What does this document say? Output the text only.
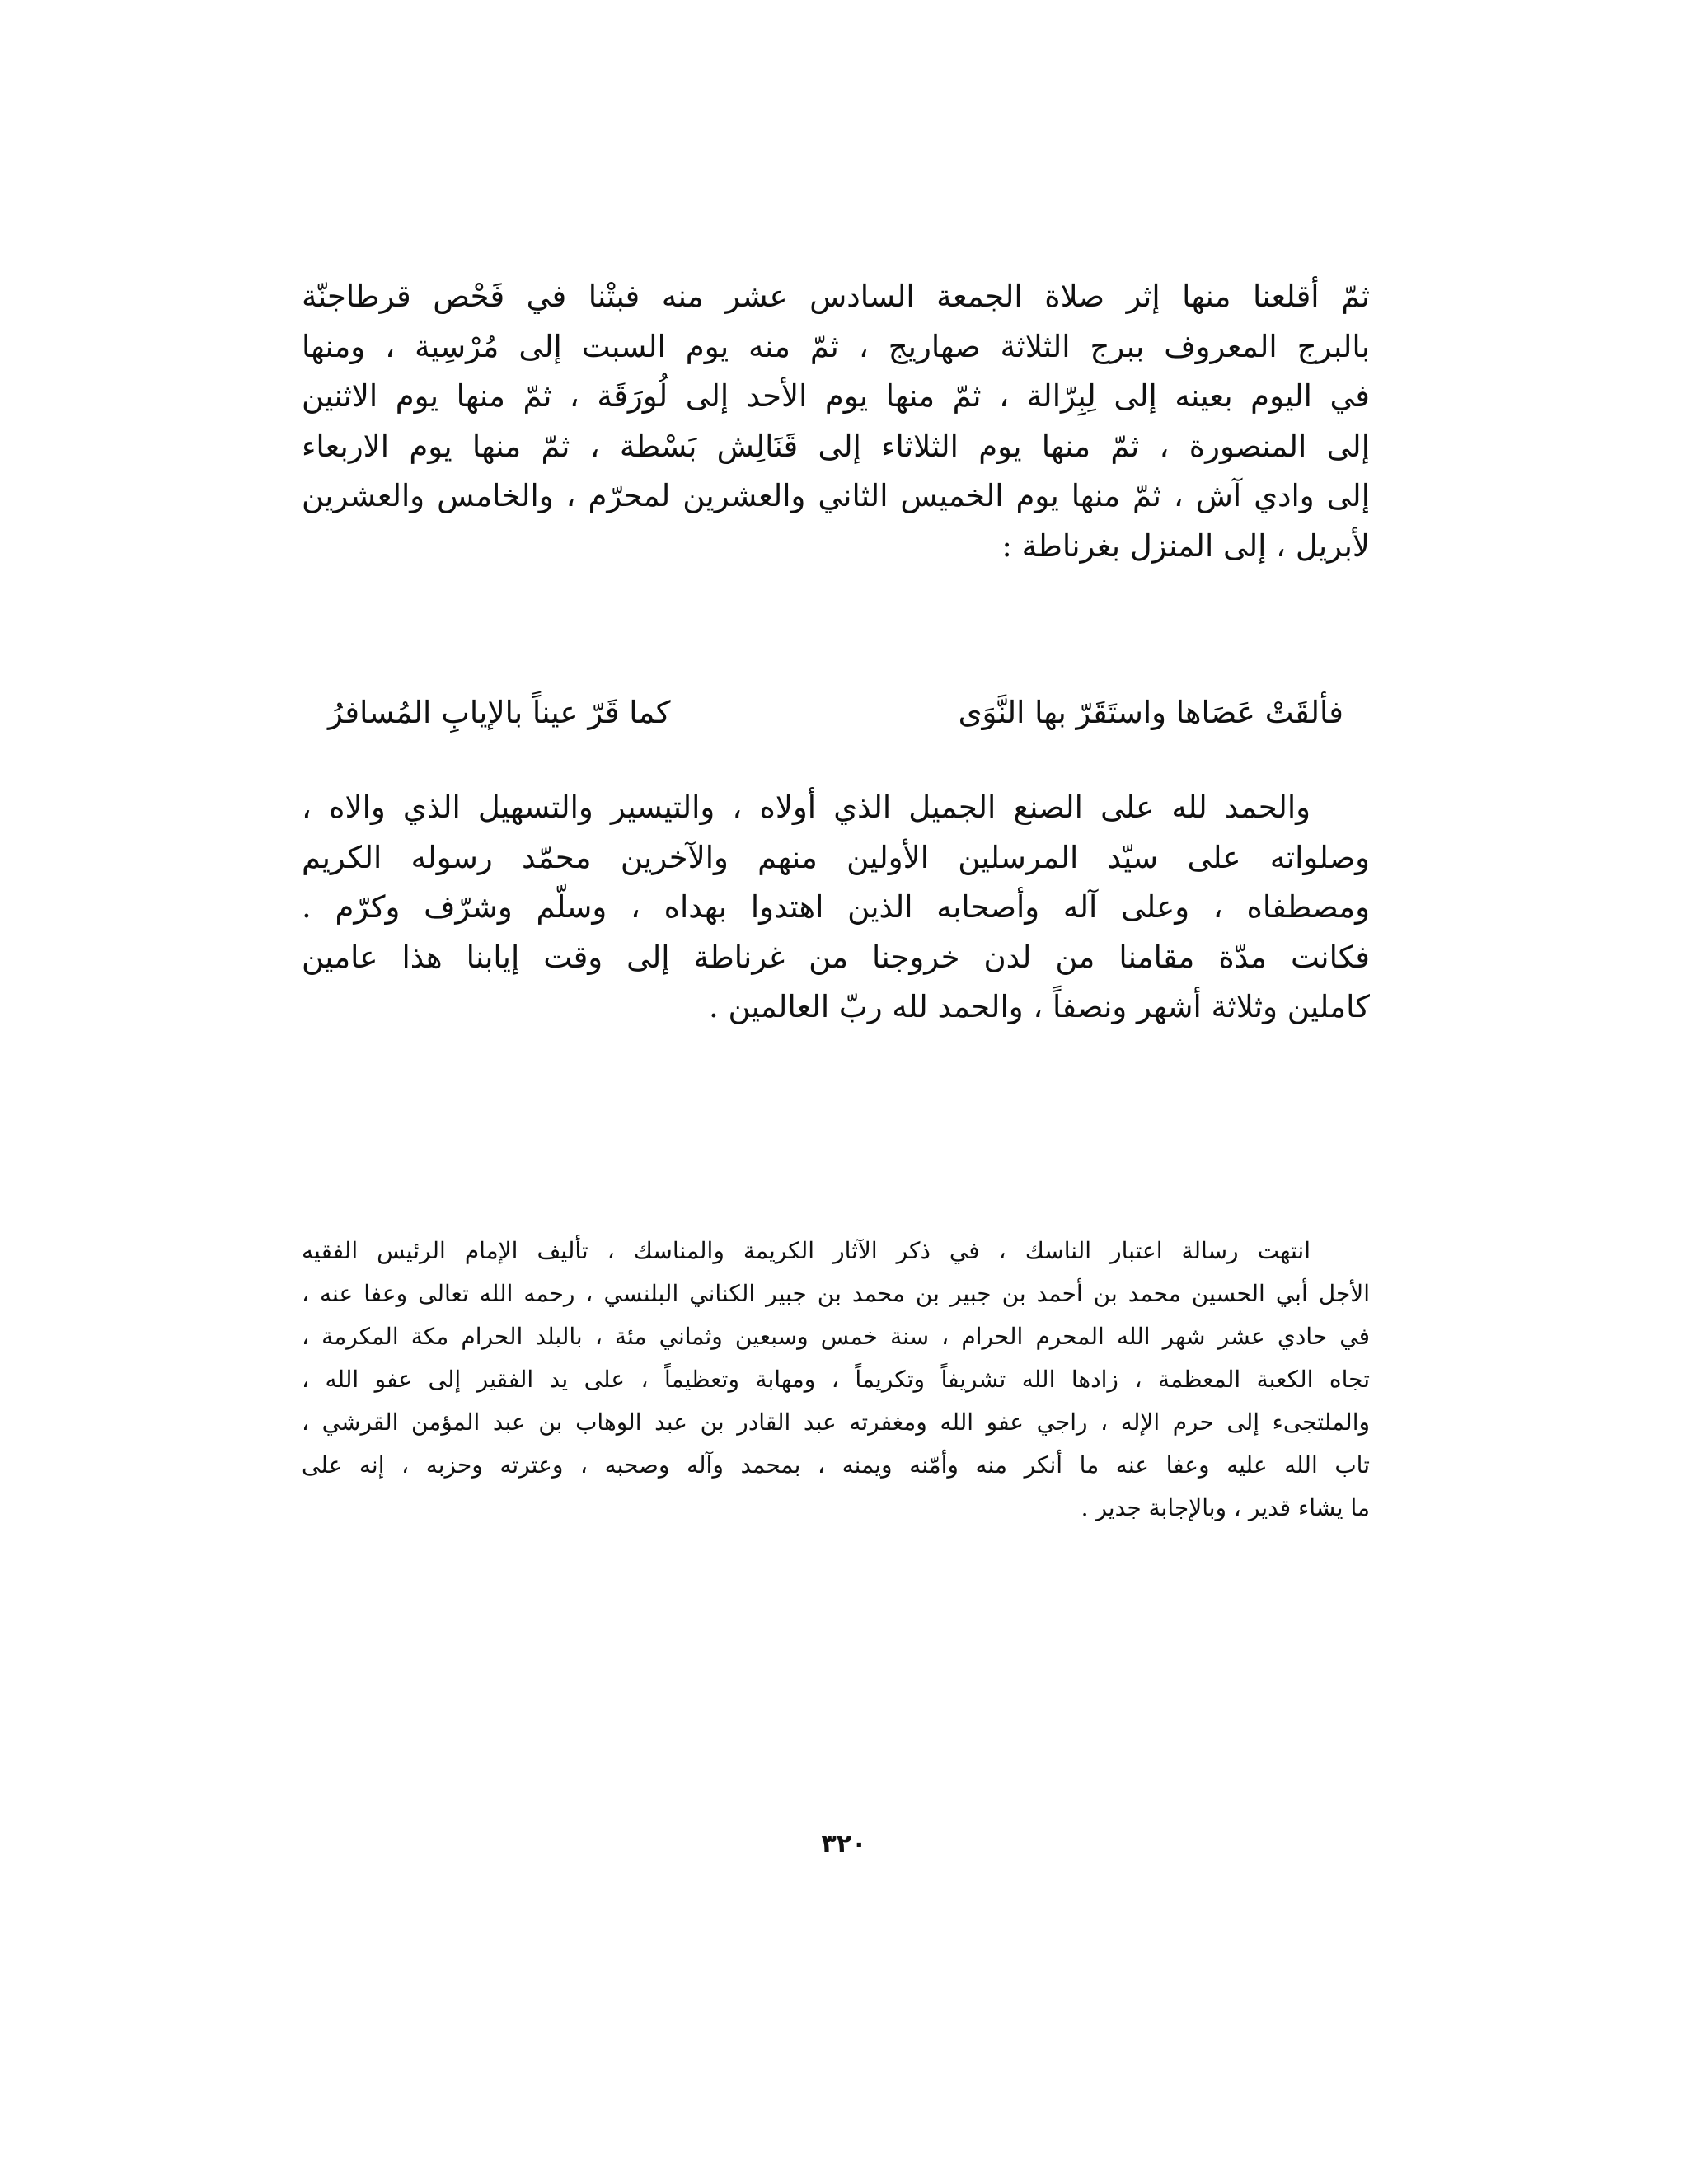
ثمّ أقلعنا منها إثر صلاة الجمعة السادس عشر منه فبتْنا في فَحْص قرطاجنّة
بالبرج المعروف ببرج الثلاثة صهاريج ، ثمّ منه يوم السبت إلى مُرْسِية ، ومنها
في اليوم بعينه إلى لِبِرّالة ، ثمّ منها يوم الأحد إلى لُورَقَة ، ثمّ منها يوم الاثنين
إلى المنصورة ، ثمّ منها يوم الثلاثاء إلى قَنَالِش بَسْطة ، ثمّ منها يوم الاربعاء
إلى وادي آش ، ثمّ منها يوم الخميس الثاني والعشرين لمحرّم ، والخامس والعشرين
لأبريل ، إلى المنزل بغرناطة :
فألقَتْ عَصَاها واستَقَرّ بها النَّوَى
كما قَرّ عيناً بالإيابِ المُسافرُ
والحمد لله على الصنع الجميل الذي أولاه ، والتيسير والتسهيل الذي والاه ،
وصلواته على سيّد المرسلين الأولين منهم والآخرين محمّد رسوله الكريم
ومصطفاه ، وعلى آله وأصحابه الذين اهتدوا بهداه ، وسلّم وشرّف وكرّم .
فكانت مدّة مقامنا من لدن خروجنا من غرناطة إلى وقت إيابنا هذا عامين
كاملين وثلاثة أشهر ونصفاً ، والحمد لله ربّ العالمين .
انتهت رسالة اعتبار الناسك ، في ذكر الآثار الكريمة والمناسك ، تأليف الإمام الرئيس الفقيه
الأجل أبي الحسين محمد بن أحمد بن جبير بن محمد بن جبير الكناني البلنسي ، رحمه الله تعالى وعفا عنه ،
في حادي عشر شهر الله المحرم الحرام ، سنة خمس وسبعين وثماني مئة ، بالبلد الحرام مكة المكرمة ،
تجاه الكعبة المعظمة ، زادها الله تشريفاً وتكريماً ، ومهابة وتعظيماً ، على يد الفقير إلى عفو الله ،
والملتجىء إلى حرم الإله ، راجي عفو الله ومغفرته عبد القادر بن عبد الوهاب بن عبد المؤمن القرشي ،
تاب الله عليه وعفا عنه ما أنكر منه وأمّنه ويمنه ، بمحمد وآله وصحبه ، وعترته وحزبه ، إنه على
ما يشاء قدير ، وبالإجابة جدير .
٣٢٠
